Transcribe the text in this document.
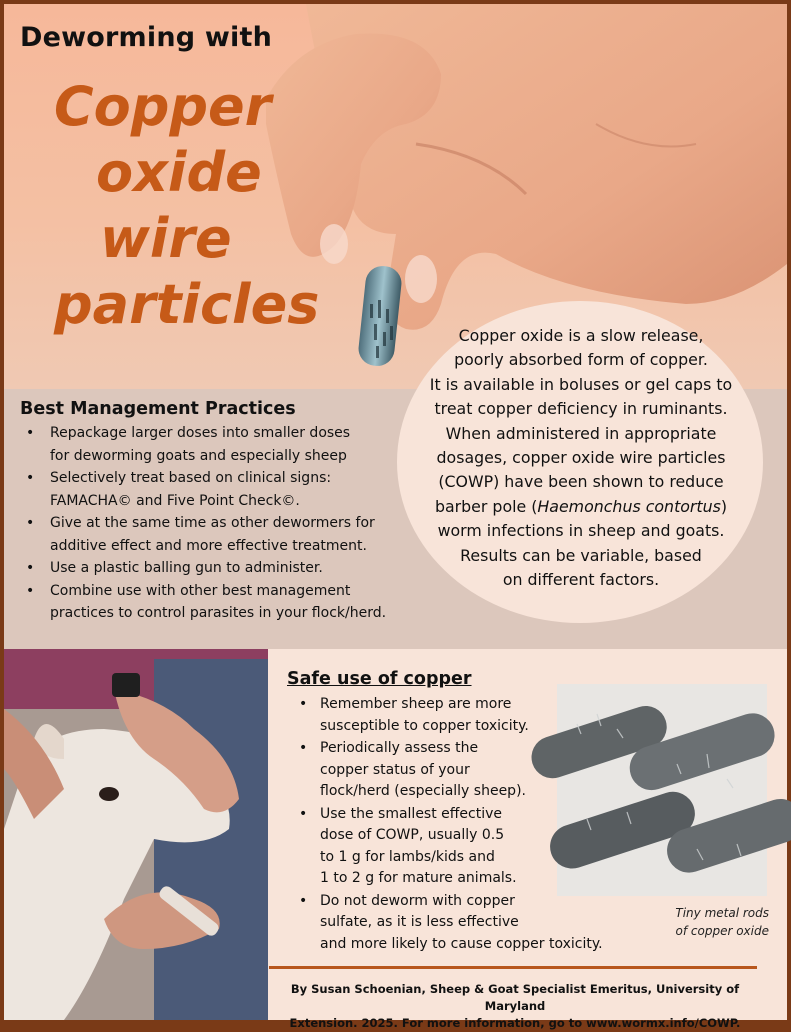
Deworming with
Copper
oxide
wire
particles
Best Management Practices
• Repackage larger doses into smaller doses
for deworming goats and especially sheep
• Selectively treat based on clinical signs:
FAMACHA© and Five Point Check©.
• Give at the same time as other dewormers for
additive effect and more effective treatment.
• Use a plastic balling gun to administer.
• Combine use with other best management
practices to control parasites in your flock/herd.
Copper oxide is a slow release,
poorly absorbed form of copper.
It is available in boluses or gel caps to
treat copper deficiency in ruminants.
When administered in appropriate
dosages, copper oxide wire particles
(COWP) have been shown to reduce
barber pole (Haemonchus contortus)
worm infections in sheep and goats.
Results can be variable, based
on different factors.
Safe use of copper
• Remember sheep are more
susceptible to copper toxicity.
• Periodically assess the
copper status of your
flock/herd (especially sheep).
• Use the smallest effective
dose of COWP, usually 0.5
to 1 g for lambs/kids and
1 to 2 g for mature animals.
• Do not deworm with copper
sulfate, as it is less effective
and more likely to cause copper toxicity.
Tiny metal rods
of copper oxide
By Susan Schoenian, Sheep & Goat Specialist Emeritus, University of Maryland
Extension. 2025. For more information, go to www.wormx.info/COWP.
